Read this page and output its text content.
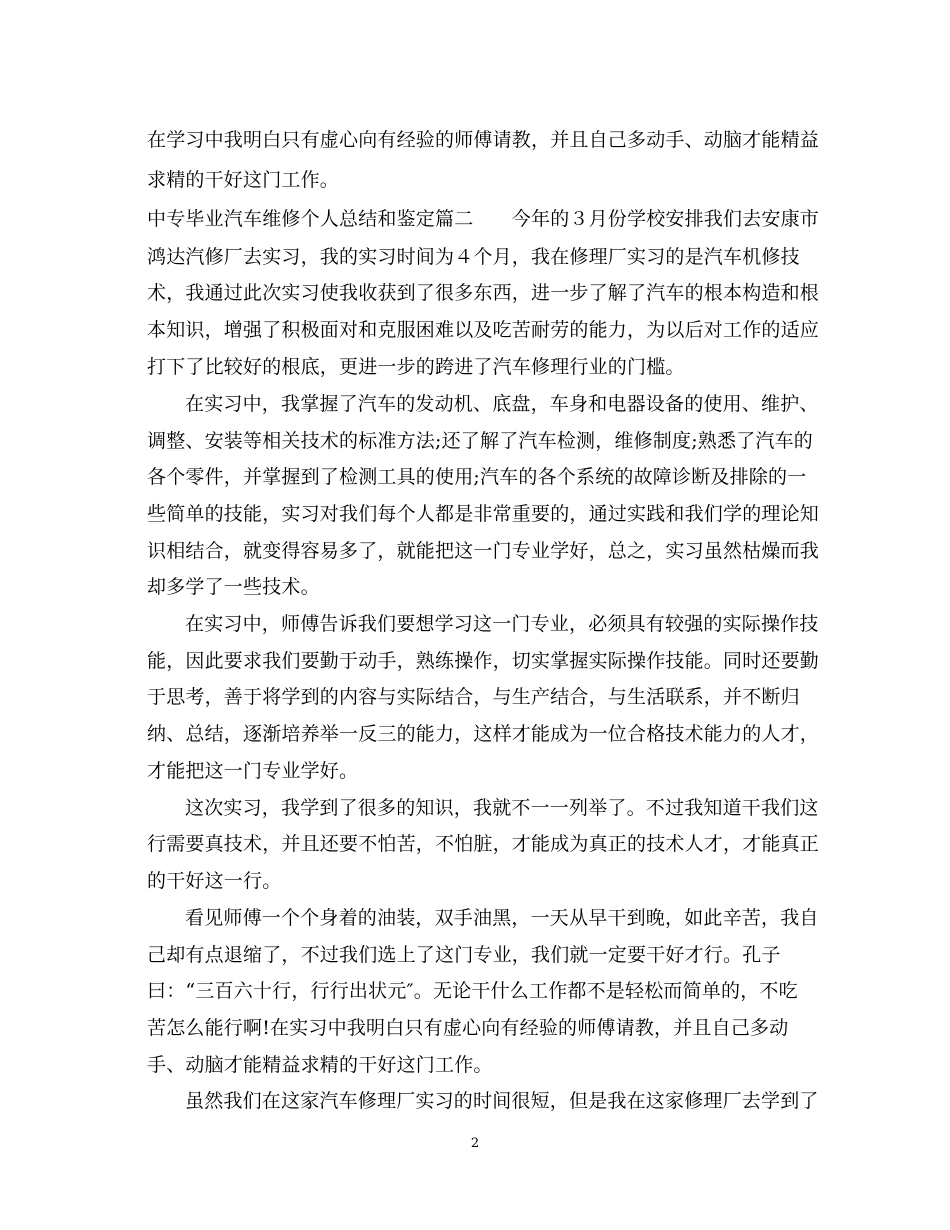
在学习中我明白只有虚心向有经验的师傅请教，并且自己多动手、动脑才能精益
求精的干好这门工作。
中专毕业汽车维修个人总结和鉴定篇二　　今年的３月份学校安排我们去安康市
鸿达汽修厂去实习，我的实习时间为４个月，我在修理厂实习的是汽车机修技
术，我通过此次实习使我收获到了很多东西，进一步了解了汽车的根本构造和根
本知识，增强了积极面对和克服困难以及吃苦耐劳的能力，为以后对工作的适应
打下了比较好的根底，更进一步的跨进了汽车修理行业的门槛。
在实习中，我掌握了汽车的发动机、底盘，车身和电器设备的使用、维护、
调整、安装等相关技术的标准方法;还了解了汽车检测，维修制度;熟悉了汽车的
各个零件，并掌握到了检测工具的使用;汽车的各个系统的故障诊断及排除的一
些简单的技能，实习对我们每个人都是非常重要的，通过实践和我们学的理论知
识相结合，就变得容易多了，就能把这一门专业学好，总之，实习虽然枯燥而我
却多学了一些技术。
在实习中，师傅告诉我们要想学习这一门专业，必须具有较强的实际操作技
能，因此要求我们要勤于动手，熟练操作，切实掌握实际操作技能。同时还要勤
于思考，善于将学到的内容与实际结合，与生产结合，与生活联系，并不断归
纳、总结，逐渐培养举一反三的能力，这样才能成为一位合格技术能力的人才，
才能把这一门专业学好。
这次实习，我学到了很多的知识，我就不一一列举了。不过我知道干我们这
行需要真技术，并且还要不怕苦，不怕脏，才能成为真正的技术人才，才能真正
的干好这一行。
看见师傅一个个身着的油装，双手油黑，一天从早干到晚，如此辛苦，我自
己却有点退缩了，不过我们选上了这门专业，我们就一定要干好才行。孔子
曰：“三百六十行，行行出状元″。无论干什么工作都不是轻松而简单的，不吃
苦怎么能行啊!在实习中我明白只有虚心向有经验的师傅请教，并且自己多动
手、动脑才能精益求精的干好这门工作。
虽然我们在这家汽车修理厂实习的时间很短，但是我在这家修理厂去学到了
2
